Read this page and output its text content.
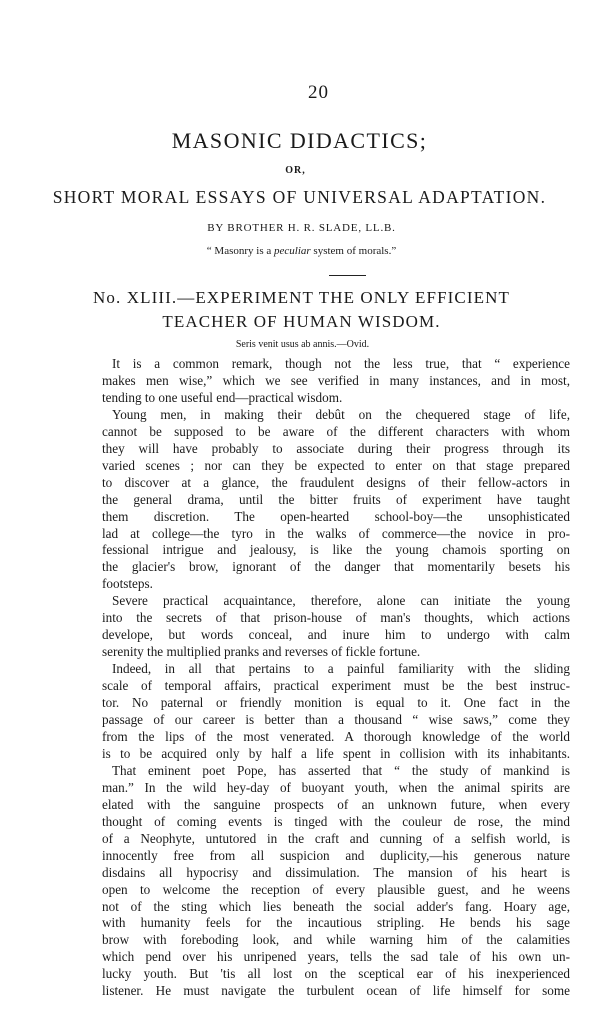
20
MASONIC DIDACTICS;
OR,
SHORT MORAL ESSAYS OF UNIVERSAL ADAPTATION.
BY BROTHER H. R. SLADE, LL.B.
“ Masonry is a peculiar system of morals.”
No. XLIII.—EXPERIMENT THE ONLY EFFICIENT
TEACHER OF HUMAN WISDOM.
Seris venit usus ab annis.—Ovid.
It is a common remark, though not the less true, that “ experience
makes men wise,” which we see verified in many instances, and in most,
tending to one useful end—practical wisdom.
Young men, in making their debût on the chequered stage of life,
cannot be supposed to be aware of the different characters with whom
they will have probably to associate during their progress through its
varied scenes ; nor can they be expected to enter on that stage prepared
to discover at a glance, the fraudulent designs of their fellow-actors in
the general drama, until the bitter fruits of experiment have taught
them discretion. The open-hearted school-boy—the unsophisticated
lad at college—the tyro in the walks of commerce—the novice in pro-
fessional intrigue and jealousy, is like the young chamois sporting on
the glacier's brow, ignorant of the danger that momentarily besets his
footsteps.
Severe practical acquaintance, therefore, alone can initiate the young
into the secrets of that prison-house of man's thoughts, which actions
develope, but words conceal, and inure him to undergo with calm
serenity the multiplied pranks and reverses of fickle fortune.
Indeed, in all that pertains to a painful familiarity with the sliding
scale of temporal affairs, practical experiment must be the best instruc-
tor. No paternal or friendly monition is equal to it. One fact in the
passage of our career is better than a thousand “ wise saws,” come they
from the lips of the most venerated. A thorough knowledge of the world
is to be acquired only by half a life spent in collision with its inhabitants.
That eminent poet Pope, has asserted that “ the study of mankind is
man.” In the wild hey-day of buoyant youth, when the animal spirits are
elated with the sanguine prospects of an unknown future, when every
thought of coming events is tinged with the couleur de rose, the mind
of a Neophyte, untutored in the craft and cunning of a selfish world, is
innocently free from all suspicion and duplicity,—his generous nature
disdains all hypocrisy and dissimulation. The mansion of his heart is
open to welcome the reception of every plausible guest, and he weens
not of the sting which lies beneath the social adder's fang. Hoary age,
with humanity feels for the incautious stripling. He bends his sage
brow with foreboding look, and while warning him of the calamities
which pend over his unripened years, tells the sad tale of his own un-
lucky youth. But 'tis all lost on the sceptical ear of his inexperienced
listener. He must navigate the turbulent ocean of life himself for some
